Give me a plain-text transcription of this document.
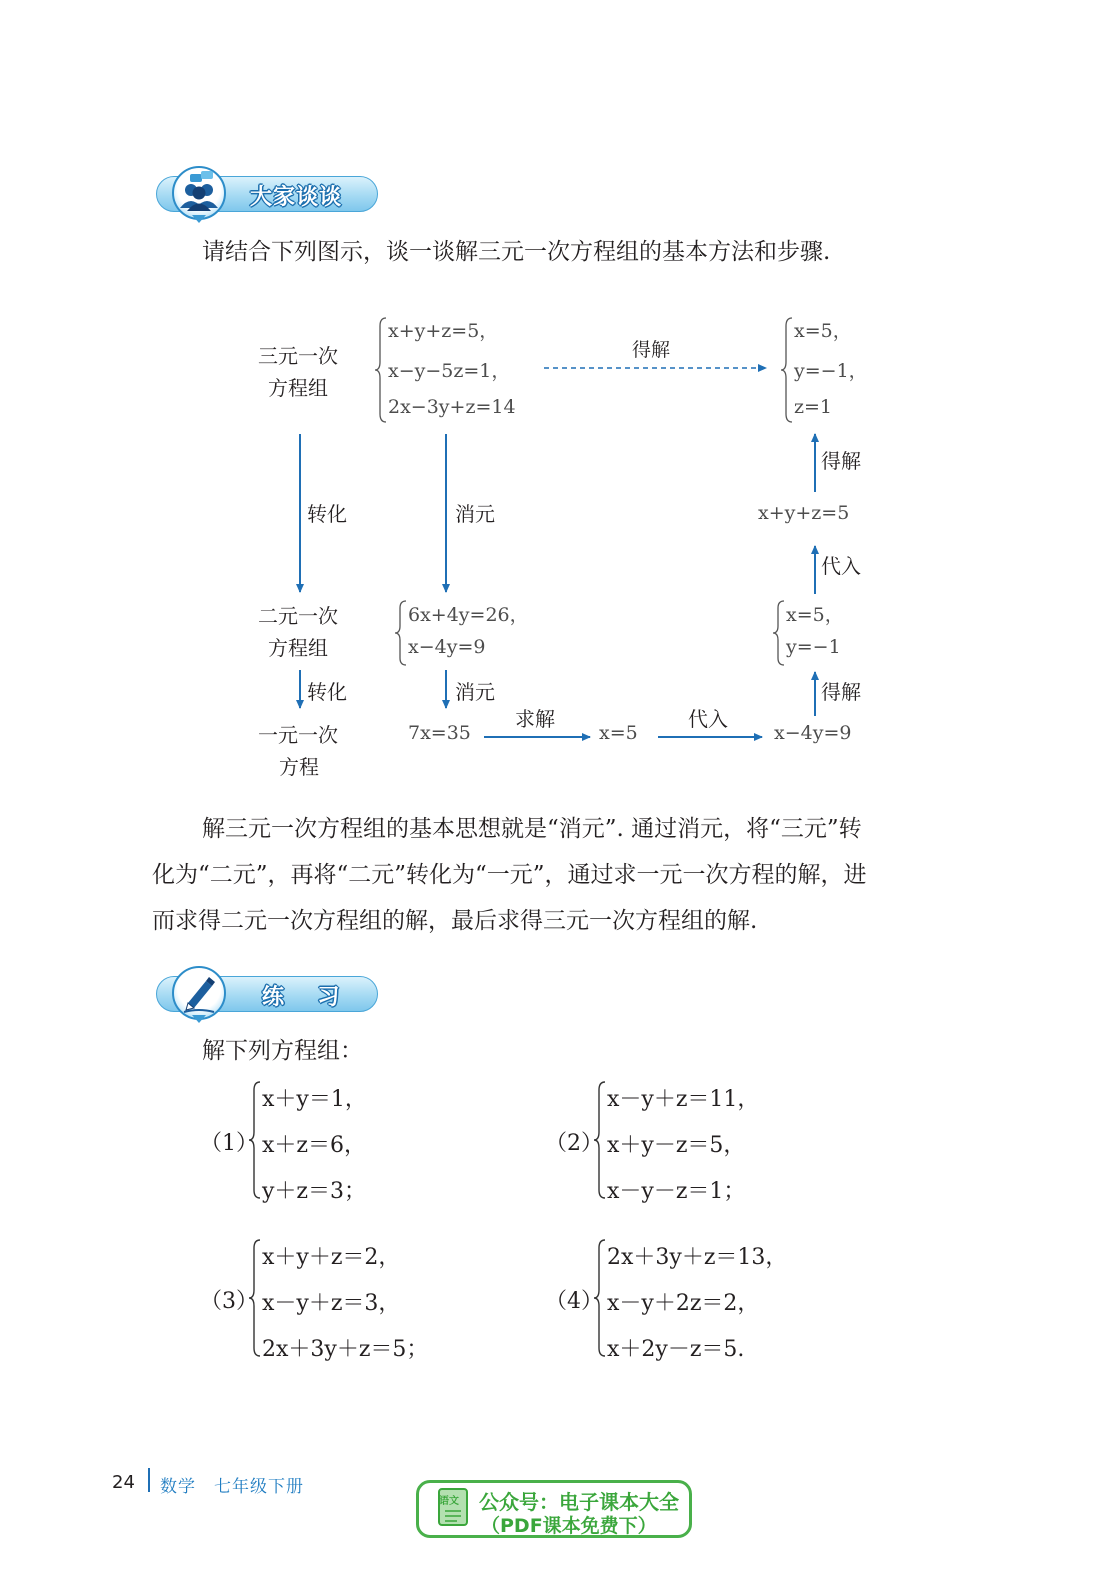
大家谈谈
请结合下列图示，谈一谈解三元一次方程组的基本方法和步骤.
三元一次
方程组
二元一次
方程组
一元一次
方程
x+y+z=5，
x−y−5z=1，
2x−3y+z=14
x=5，
y=−1，
z=1
6x+4y=26，
x−4y=9
x=5，
y=−1
7x=35	x=5	x−4y=9
x+y+z=5
得解
转化	消元
转化	消元
求解	代入
得解
代入
得解
解三元一次方程组的基本思想就是“消元”. 通过消元，将“三元”转
化为“二元”，再将“二元”转化为“一元”，通过求一元一次方程的解，进
而求得二元一次方程组的解，最后求得三元一次方程组的解.
练  习
解下列方程组：
（1）
x＋y＝1，
x＋z＝6，
y＋z＝3；
（2）
x－y＋z＝11，
x＋y－z＝5，
x－y－z＝1；
（3）
x＋y＋z＝2，
x－y＋z＝3，
2x＋3y＋z＝5；
（4）
2x＋3y＋z＝13，
x－y＋2z＝2，
x＋2y－z＝5.
24 数学　七年级下册
语文 公众号：电子课本大全
（PDF课本免费下）
